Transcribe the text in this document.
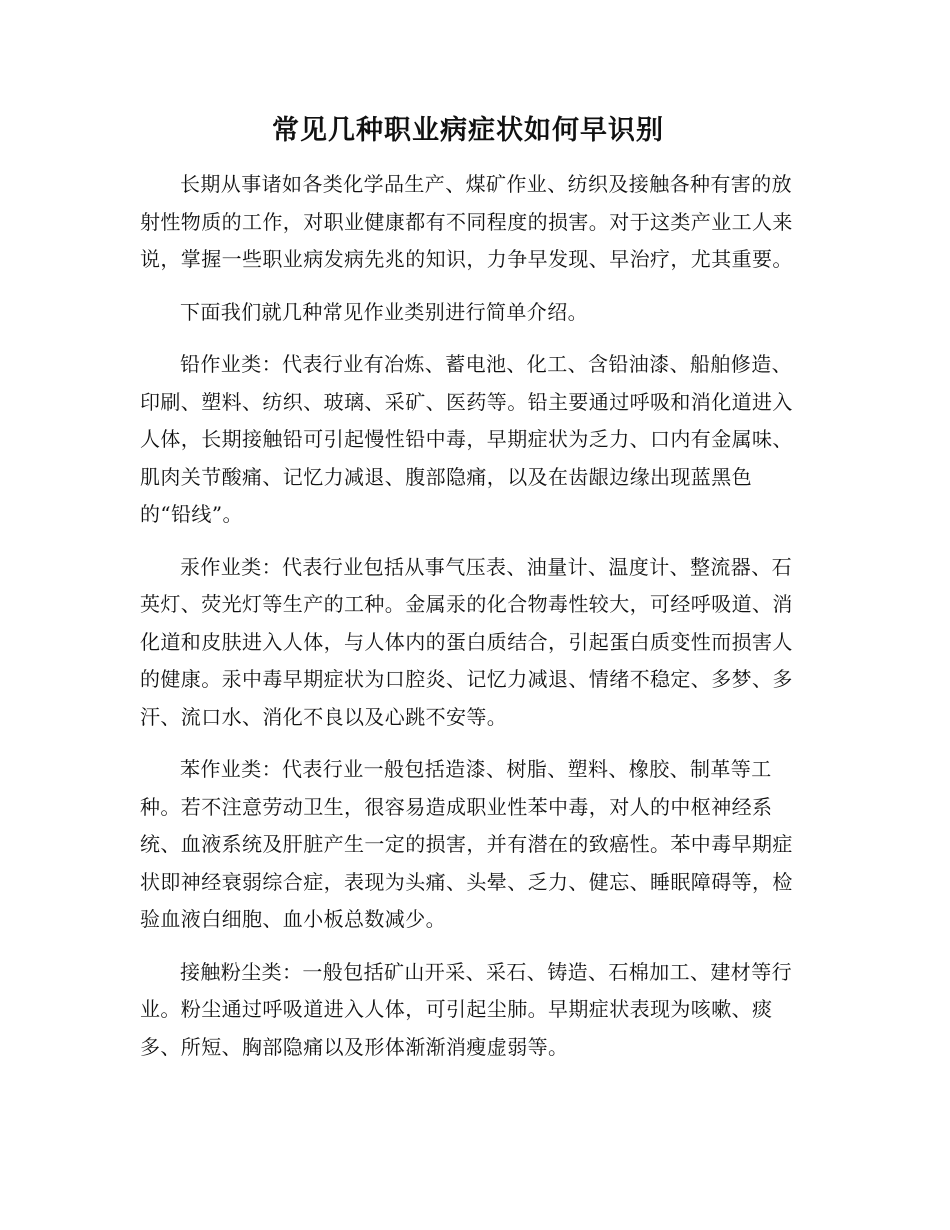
常见几种职业病症状如何早识别

长期从事诸如各类化学品生产、煤矿作业、纺织及接触各种有害的放射性物质的工作，对职业健康都有不同程度的损害。对于这类产业工人来说，掌握一些职业病发病先兆的知识，力争早发现、早治疗，尤其重要。

下面我们就几种常见作业类别进行简单介绍。

铅作业类：代表行业有冶炼、蓄电池、化工、含铅油漆、船舶修造、印刷、塑料、纺织、玻璃、采矿、医药等。铅主要通过呼吸和消化道进入人体，长期接触铅可引起慢性铅中毒，早期症状为乏力、口内有金属味、肌肉关节酸痛、记忆力减退、腹部隐痛，以及在齿龈边缘出现蓝黑色的“铅线”。

汞作业类：代表行业包括从事气压表、油量计、温度计、整流器、石英灯、荧光灯等生产的工种。金属汞的化合物毒性较大，可经呼吸道、消化道和皮肤进入人体，与人体内的蛋白质结合，引起蛋白质变性而损害人的健康。汞中毒早期症状为口腔炎、记忆力减退、情绪不稳定、多梦、多汗、流口水、消化不良以及心跳不安等。

苯作业类：代表行业一般包括造漆、树脂、塑料、橡胶、制革等工种。若不注意劳动卫生，很容易造成职业性苯中毒，对人的中枢神经系统、血液系统及肝脏产生一定的损害，并有潜在的致癌性。苯中毒早期症状即神经衰弱综合症，表现为头痛、头晕、乏力、健忘、睡眠障碍等，检验血液白细胞、血小板总数减少。

接触粉尘类：一般包括矿山开采、采石、铸造、石棉加工、建材等行业。粉尘通过呼吸道进入人体，可引起尘肺。早期症状表现为咳嗽、痰多、所短、胸部隐痛以及形体渐渐消瘦虚弱等。
